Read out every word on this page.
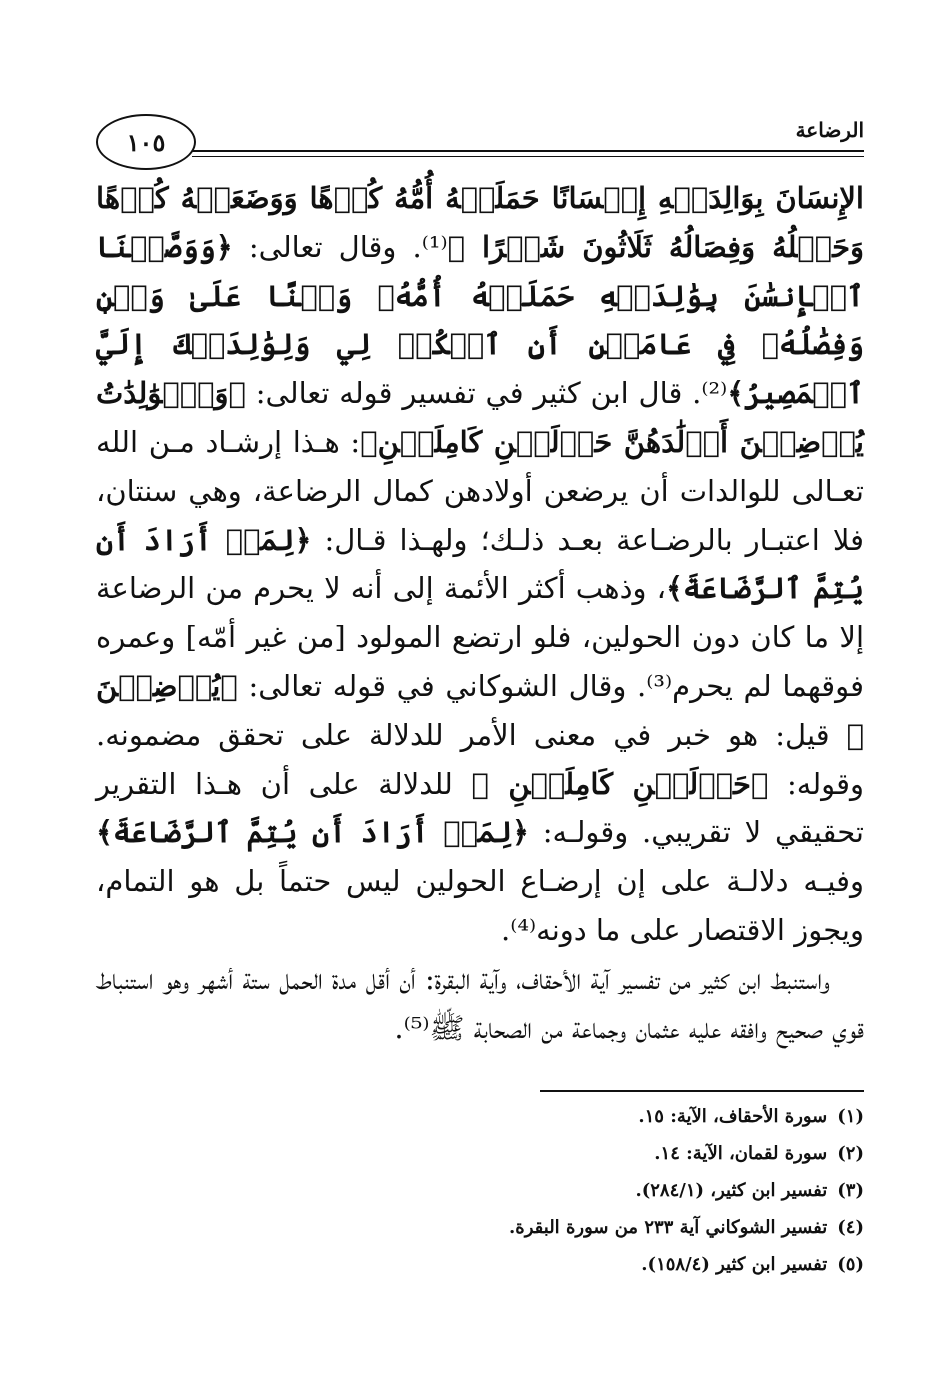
١٠٥	الرضاعة

الإِنسَانَ بِوَالِدَيۡهِ إِحۡسَانًا حَمَلَتۡهُ أُمُّهُ كُرۡهًا وَوَضَعَتۡهُ كُرۡهًا وَحَمۡلُهُ وَفِصَالُهُ ثَلَاثُونَ شَهۡرًا ﴾⁽¹⁾. وقال تعالى: ﴿وَوَصَّيۡنَا ٱلۡإِنسَٰنَ بِوَٰلِدَيۡهِ حَمَلَتۡهُ أُمُّهُۥ وَهۡنًا عَلَىٰ وَهۡنٖ وَفِصَٰلُهُۥ فِي عَامَيۡنِ أَنِ ٱشۡكُرۡ لِي وَلِوَٰلِدَيۡكَ إِلَيَّ ٱلۡمَصِيرُ﴾⁽²⁾. قال ابن كثير في تفسير قوله تعالى: ﴿وَٱلۡوَٰلِدَٰتُ يُرۡضِعۡنَ أَوۡلَٰدَهُنَّ حَوۡلَيۡنِ كَامِلَيۡنِ﴾: هـذا إرشـاد مـن الله تعـالى للوالدات أن يرضعن أولادهن كمال الرضاعة، وهي سنتان، فلا اعتبـار بالرضـاعة بعـد ذلـك؛ ولهـذا قـال: ﴿لِمَنۡ أَرَادَ أَن يُتِمَّ ٱلرَّضَاعَةَ﴾، وذهب أكثر الأئمة إلى أنه لا يحرم من الرضاعة إلا ما كان دون الحولين، فلو ارتضع المولود [من غير أمّه] وعمره فوقهما لم يحرم⁽³⁾. وقال الشوكاني في قوله تعالى: ﴿يُرۡضِعۡنَ ﴾ قيل: هو خبر في معنى الأمر للدلالة على تحقق مضمونه. وقوله: ﴿حَوۡلَيۡنِ كَامِلَيۡنِ ﴾ للدلالة على أن هـذا التقرير تحقيقي لا تقريبي. وقولـه: ﴿لِمَنۡ أَرَادَ أَن يُتِمَّ ٱلرَّضَاعَةَ﴾ وفيـه دلالـة على إن إرضـاع الحولين ليس حتماً بل هو التمام، ويجوز الاقتصار على ما دونه⁽⁴⁾.

واستنبط ابن كثير من تفسير آية الأحقاف، وآية البقرة: أن أقل مدة الحمل ستة أشهر وهو استنباط قوي صحيح وافقه عليه عثمان وجماعة من الصحابة ﷺ⁽⁵⁾.

(١)سورة الأحقاف، الآية: ١٥.
(٢)سورة لقمان، الآية: ١٤.
(٣)تفسير ابن كثير، (٢٨٤/١).
(٤)تفسير الشوكاني آية ٢٣٣ من سورة البقرة.
(٥)تفسير ابن كثير (١٥٨/٤).
